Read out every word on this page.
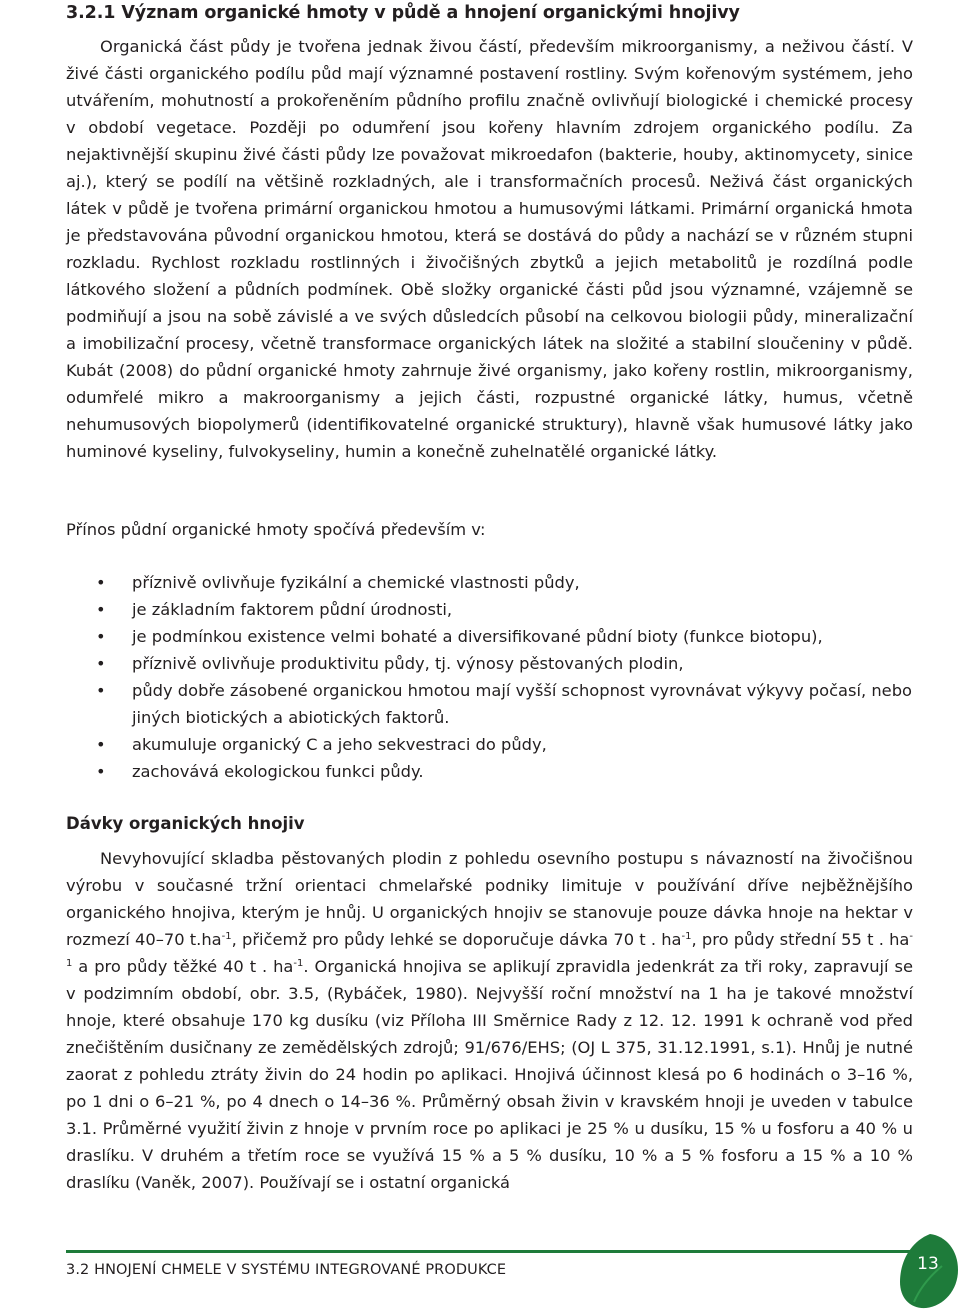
3.2.1 Význam organické hmoty v půdě a hnojení organickými hnojivy

Organická část půdy je tvořena jednak živou částí, především mikroorganismy, a neživou částí. V živé části organického podílu půd mají významné postavení rostliny. Svým kořenovým systémem, jeho utvářením, mohutností a prokořeněním půdního profilu značně ovlivňují biologické i chemické procesy v období vegetace. Později po odumření jsou kořeny hlavním zdrojem organického podílu. Za nejaktivnější skupinu živé části půdy lze považovat mikroedafon (bakterie, houby, aktinomycety, sinice aj.), který se podílí na většině rozkladných, ale i transformačních procesů. Neživá část organických látek v půdě je tvořena primární organickou hmotou a humusovými látkami. Primární organická hmota je představována původní organickou hmotou, která se dostává do půdy a nachází se v různém stupni rozkladu. Rychlost rozkladu rostlinných i živočišných zbytků a jejich metabolitů je rozdílná podle látkového složení a půdních podmínek. Obě složky organické části půd jsou významné, vzájemně se podmiňují a jsou na sobě závislé a ve svých důsledcích působí na celkovou biologii půdy, mineralizační a imobilizační procesy, včetně transformace organických látek na složité a stabilní sloučeniny v půdě. Kubát (2008) do půdní organické hmoty zahrnuje živé organismy, jako kořeny rostlin, mikroorganismy, odumřelé mikro a makroorganismy a jejich části, rozpustné organické látky, humus, včetně nehumusových biopolymerů (identifikovatelné organické struktury), hlavně však humusové látky jako huminové kyseliny, fulvokyseliny, humin a konečně zuhelnatělé organické látky.

Přínos půdní organické hmoty spočívá především v:

• příznivě ovlivňuje fyzikální a chemické vlastnosti půdy,
• je základním faktorem půdní úrodnosti,
• je podmínkou existence velmi bohaté a diversifikované půdní bioty (funkce biotopu),
• příznivě ovlivňuje produktivitu půdy, tj. výnosy pěstovaných plodin,
• půdy dobře zásobené organickou hmotou mají vyšší schopnost vyrovnávat výkyvy počasí, nebo jiných biotických a abiotických faktorů.
• akumuluje organický C a jeho sekvestraci do půdy,
• zachovává ekologickou funkci půdy.
Dávky organických hnojiv

Nevyhovující skladba pěstovaných plodin z pohledu osevního postupu s návazností na živočišnou výrobu v současné tržní orientaci chmelařské podniky limituje v používání dříve nejběžnějšího organického hnojiva, kterým je hnůj. U organických hnojiv se stanovuje pouze dávka hnoje na hektar v rozmezí 40–70 $t.ha^{-1}$, přičemž pro půdy lehké se doporučuje dávka 70 t . $ha^{-1}$, pro půdy střední 55 t . $ha^{-1}$ a pro půdy těžké 40 t . $ha^{-1}$. Organická hnojiva se aplikují zpravidla jedenkrát za tři roky, zapravují se v podzimním období, obr. 3.5, (Rybáček, 1980). Nejvyšší roční množství na 1 ha je takové množství hnoje, které obsahuje 170 kg dusíku (viz Příloha III Směrnice Rady z 12. 12. 1991 k ochraně vod před znečištěním dusičnany ze zemědělských zdrojů; 91/676/EHS; (OJ L 375, 31.12.1991, s.1). Hnůj je nutné zaorat z pohledu ztráty živin do 24 hodin po aplikaci. Hnojivá účinnost klesá po 6 hodinách o 3–16 %, po 1 dni o 6–21 %, po 4 dnech o 14–36 %. Průměrný obsah živin v kravském hnoji je uveden v tabulce 3.1. Průměrné využití živin z hnoje v prvním roce po aplikaci je 25 % u dusíku, 15 % u fosforu a 40 % u draslíku. V druhém a třetím roce se využívá 15 % a 5 % dusíku, 10 % a 5 % fosforu a 15 % a 10 % draslíku (Vaněk, 2007). Používají se i ostatní organická

3.2 HNOJENÍ CHMELE V SYSTÉMU INTEGROVANÉ PRODUKCE	13
